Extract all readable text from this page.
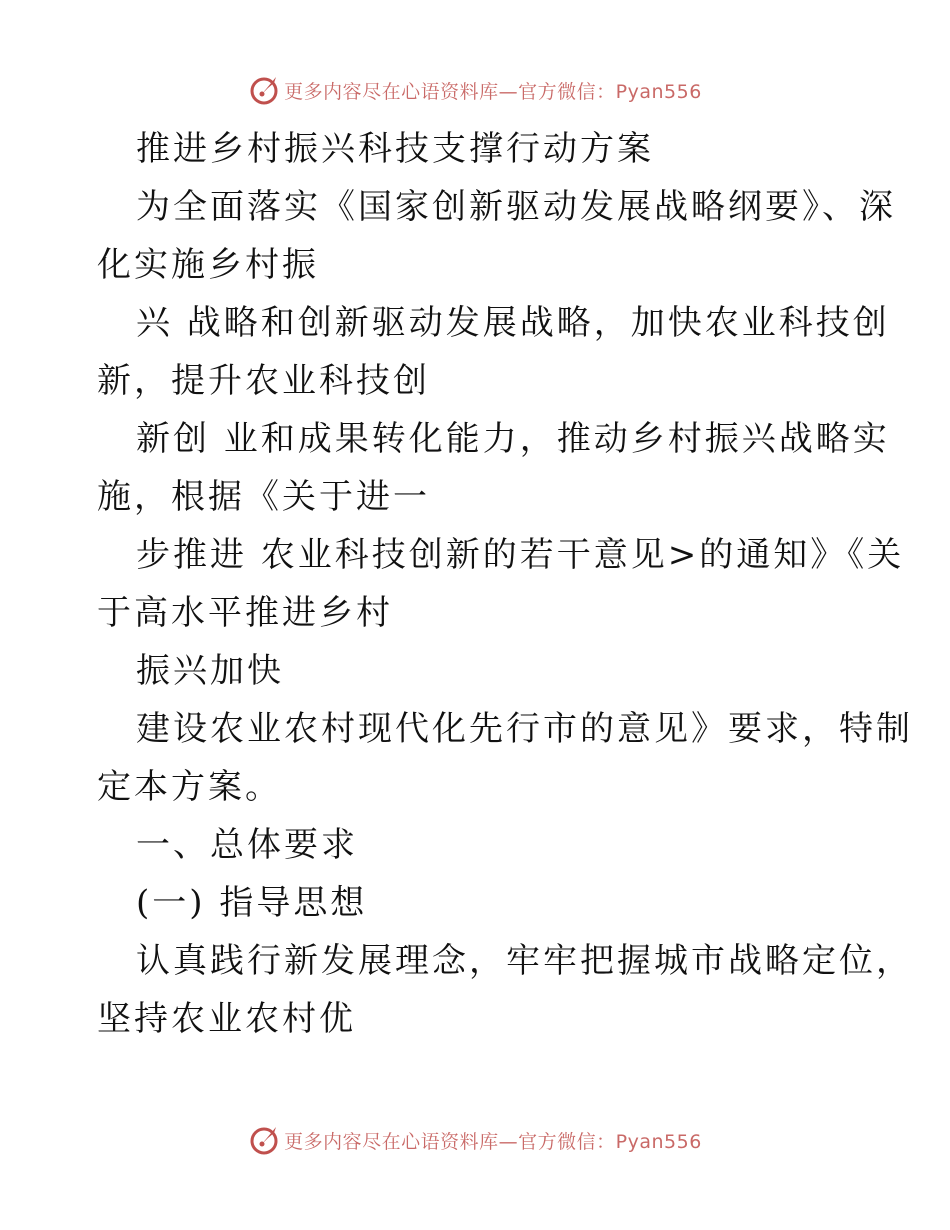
更多内容尽在心语资料库—官方微信：Pyan556
推进乡村振兴科技支撑行动方案
为全面落实《国家创新驱动发展战略纲要》、深
化实施乡村振
兴 战略和创新驱动发展战略，加快农业科技创
新，提升农业科技创
新创 业和成果转化能力，推动乡村振兴战略实
施，根据《关于进一
步推进 农业科技创新的若干意见>的通知》《关
于高水平推进乡村
振兴加快
建设农业农村现代化先行市的意见》要求，特制
定本方案。
一、总体要求
(一) 指导思想
认真践行新发展理念，牢牢把握城市战略定位，
坚持农业农村优
更多内容尽在心语资料库—官方微信：Pyan556
